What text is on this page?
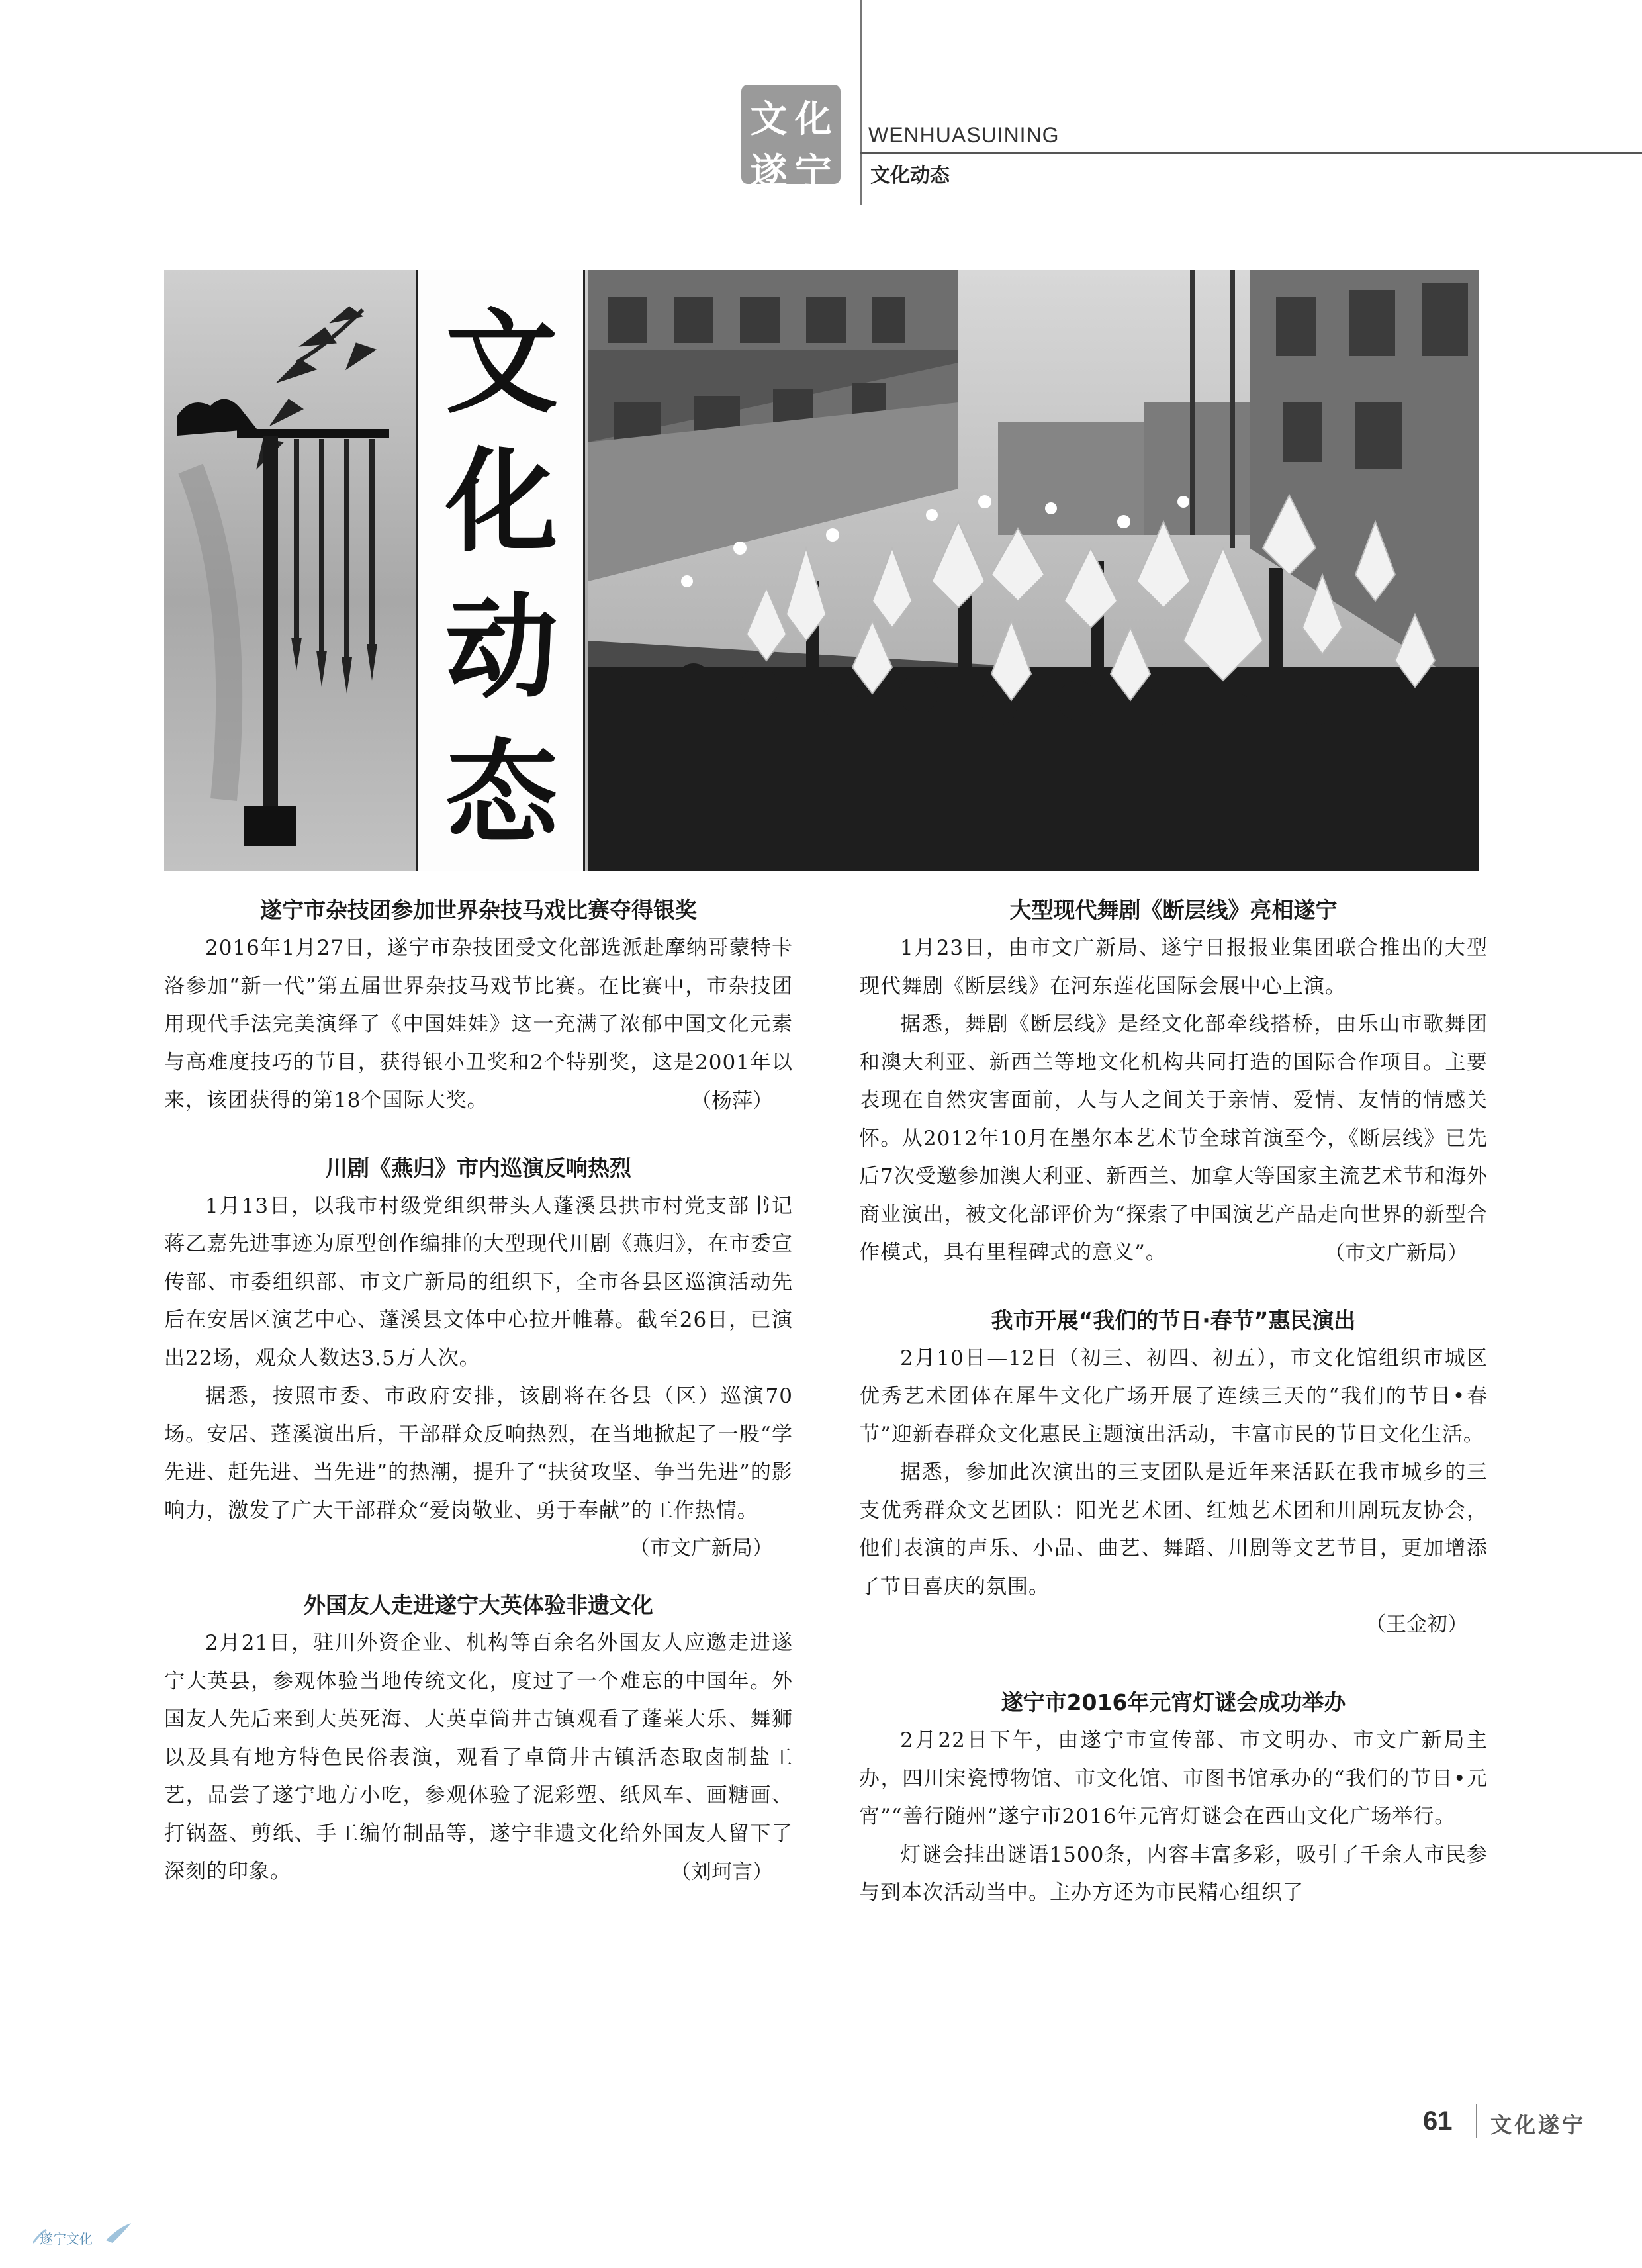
文 化
遂 宁
WENHUASUINING
文化动态
文
化
动
态
遂宁市杂技团参加世界杂技马戏比赛夺得银奖

2016年1月27日，遂宁市杂技团受文化部选派赴摩纳哥蒙特卡洛参加“新一代”第五届世界杂技马戏节比赛。在比赛中，市杂技团用现代手法完美演绎了《中国娃娃》这一充满了浓郁中国文化元素与高难度技巧的节目，获得银小丑奖和2个特别奖，这是2001年以来，该团获得的第18个国际大奖。	（杨萍）

川剧《燕归》市内巡演反响热烈

1月13日，以我市村级党组织带头人蓬溪县拱市村党支部书记蒋乙嘉先进事迹为原型创作编排的大型现代川剧《燕归》，在市委宣传部、市委组织部、市文广新局的组织下，全市各县区巡演活动先后在安居区演艺中心、蓬溪县文体中心拉开帷幕。截至26日，已演出22场，观众人数达3.5万人次。

据悉，按照市委、市政府安排，该剧将在各县（区）巡演70场。安居、蓬溪演出后，干部群众反响热烈，在当地掀起了一股“学先进、赶先进、当先进”的热潮，提升了“扶贫攻坚、争当先进”的影响力，激发了广大干部群众“爱岗敬业、勇于奉献”的工作热情。

（市文广新局）

外国友人走进遂宁大英体验非遗文化

2月21日，驻川外资企业、机构等百余名外国友人应邀走进遂宁大英县，参观体验当地传统文化，度过了一个难忘的中国年。外国友人先后来到大英死海、大英卓筒井古镇观看了蓬莱大乐、舞狮以及具有地方特色民俗表演，观看了卓筒井古镇活态取卤制盐工艺，品尝了遂宁地方小吃，参观体验了泥彩塑、纸风车、画糖画、打锅盔、剪纸、手工编竹制品等，遂宁非遗文化给外国友人留下了深刻的印象。	（刘珂言）

大型现代舞剧《断层线》亮相遂宁

1月23日，由市文广新局、遂宁日报报业集团联合推出的大型现代舞剧《断层线》在河东莲花国际会展中心上演。

据悉，舞剧《断层线》是经文化部牵线搭桥，由乐山市歌舞团和澳大利亚、新西兰等地文化机构共同打造的国际合作项目。主要表现在自然灾害面前，人与人之间关于亲情、爱情、友情的情感关怀。从2012年10月在墨尔本艺术节全球首演至今，《断层线》已先后7次受邀参加澳大利亚、新西兰、加拿大等国家主流艺术节和海外商业演出，被文化部评价为“探索了中国演艺产品走向世界的新型合作模式，具有里程碑式的意义”。	（市文广新局）

我市开展“我们的节日·春节”惠民演出

2月10日—12日（初三、初四、初五），市文化馆组织市城区优秀艺术团体在犀牛文化广场开展了连续三天的“我们的节日•春节”迎新春群众文化惠民主题演出活动，丰富市民的节日文化生活。

据悉，参加此次演出的三支团队是近年来活跃在我市城乡的三支优秀群众文艺团队：阳光艺术团、红烛艺术团和川剧玩友协会，他们表演的声乐、小品、曲艺、舞蹈、川剧等文艺节目，更加增添了节日喜庆的氛围。

（王金初）

遂宁市2016年元宵灯谜会成功举办

2月22日下午，由遂宁市宣传部、市文明办、市文广新局主办，四川宋瓷博物馆、市文化馆、市图书馆承办的“我们的节日•元宵”“善行随州”遂宁市2016年元宵灯谜会在西山文化广场举行。

灯谜会挂出谜语1500条，内容丰富多彩，吸引了千余人市民参与到本次活动当中。主办方还为市民精心组织了

61 文化遂宁
遂宁文化
